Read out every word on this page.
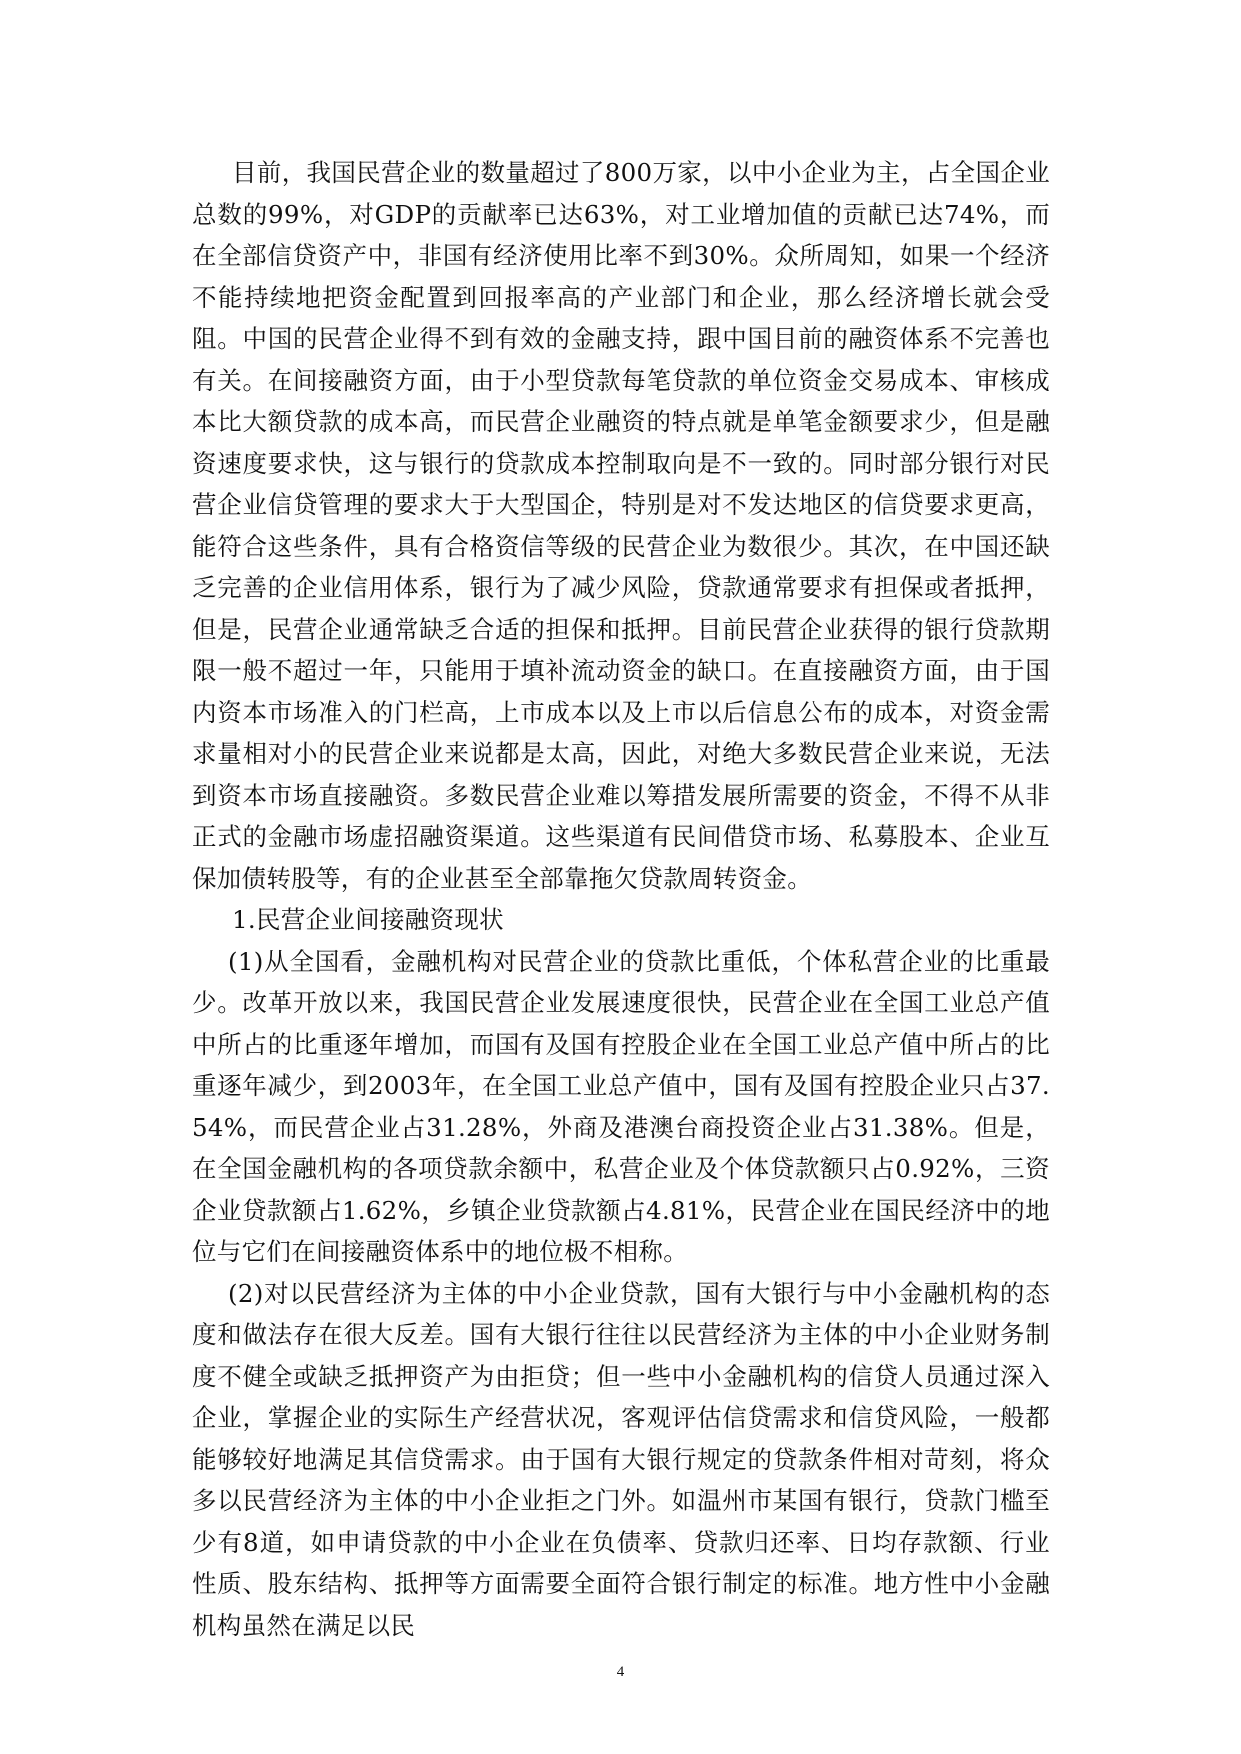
目前，我国民营企业的数量超过了800万家，以中小企业为主，占全国企业总数的99%，对GDP的贡献率已达63%，对工业增加值的贡献已达74%，而在全部信贷资产中，非国有经济使用比率不到30%。众所周知，如果一个经济不能持续地把资金配置到回报率高的产业部门和企业，那么经济增长就会受阻。中国的民营企业得不到有效的金融支持，跟中国目前的融资体系不完善也有关。在间接融资方面，由于小型贷款每笔贷款的单位资金交易成本、审核成本比大额贷款的成本高，而民营企业融资的特点就是单笔金额要求少，但是融资速度要求快，这与银行的贷款成本控制取向是不一致的。同时部分银行对民营企业信贷管理的要求大于大型国企，特别是对不发达地区的信贷要求更高，能符合这些条件，具有合格资信等级的民营企业为数很少。其次，在中国还缺乏完善的企业信用体系，银行为了减少风险，贷款通常要求有担保或者抵押，但是，民营企业通常缺乏合适的担保和抵押。目前民营企业获得的银行贷款期限一般不超过一年，只能用于填补流动资金的缺口。在直接融资方面，由于国内资本市场准入的门栏高，上市成本以及上市以后信息公布的成本，对资金需求量相对小的民营企业来说都是太高，因此，对绝大多数民营企业来说，无法到资本市场直接融资。多数民营企业难以筹措发展所需要的资金，不得不从非正式的金融市场虚招融资渠道。这些渠道有民间借贷市场、私募股本、企业互保加债转股等，有的企业甚至全部靠拖欠贷款周转资金。

1.民营企业间接融资现状

(1)从全国看，金融机构对民营企业的贷款比重低，个体私营企业的比重最少。改革开放以来，我国民营企业发展速度很快，民营企业在全国工业总产值中所占的比重逐年增加，而国有及国有控股企业在全国工业总产值中所占的比重逐年减少，到2003年，在全国工业总产值中，国有及国有控股企业只占37.54%，而民营企业占31.28%，外商及港澳台商投资企业占31.38%。但是，在全国金融机构的各项贷款余额中，私营企业及个体贷款额只占0.92%，三资企业贷款额占1.62%，乡镇企业贷款额占4.81%，民营企业在国民经济中的地位与它们在间接融资体系中的地位极不相称。

(2)对以民营经济为主体的中小企业贷款，国有大银行与中小金融机构的态度和做法存在很大反差。国有大银行往往以民营经济为主体的中小企业财务制度不健全或缺乏抵押资产为由拒贷；但一些中小金融机构的信贷人员通过深入企业，掌握企业的实际生产经营状况，客观评估信贷需求和信贷风险，一般都能够较好地满足其信贷需求。由于国有大银行规定的贷款条件相对苛刻，将众多以民营经济为主体的中小企业拒之门外。如温州市某国有银行，贷款门槛至少有8道，如申请贷款的中小企业在负债率、贷款归还率、日均存款额、行业性质、股东结构、抵押等方面需要全面符合银行制定的标准。地方性中小金融机构虽然在满足以民

4
